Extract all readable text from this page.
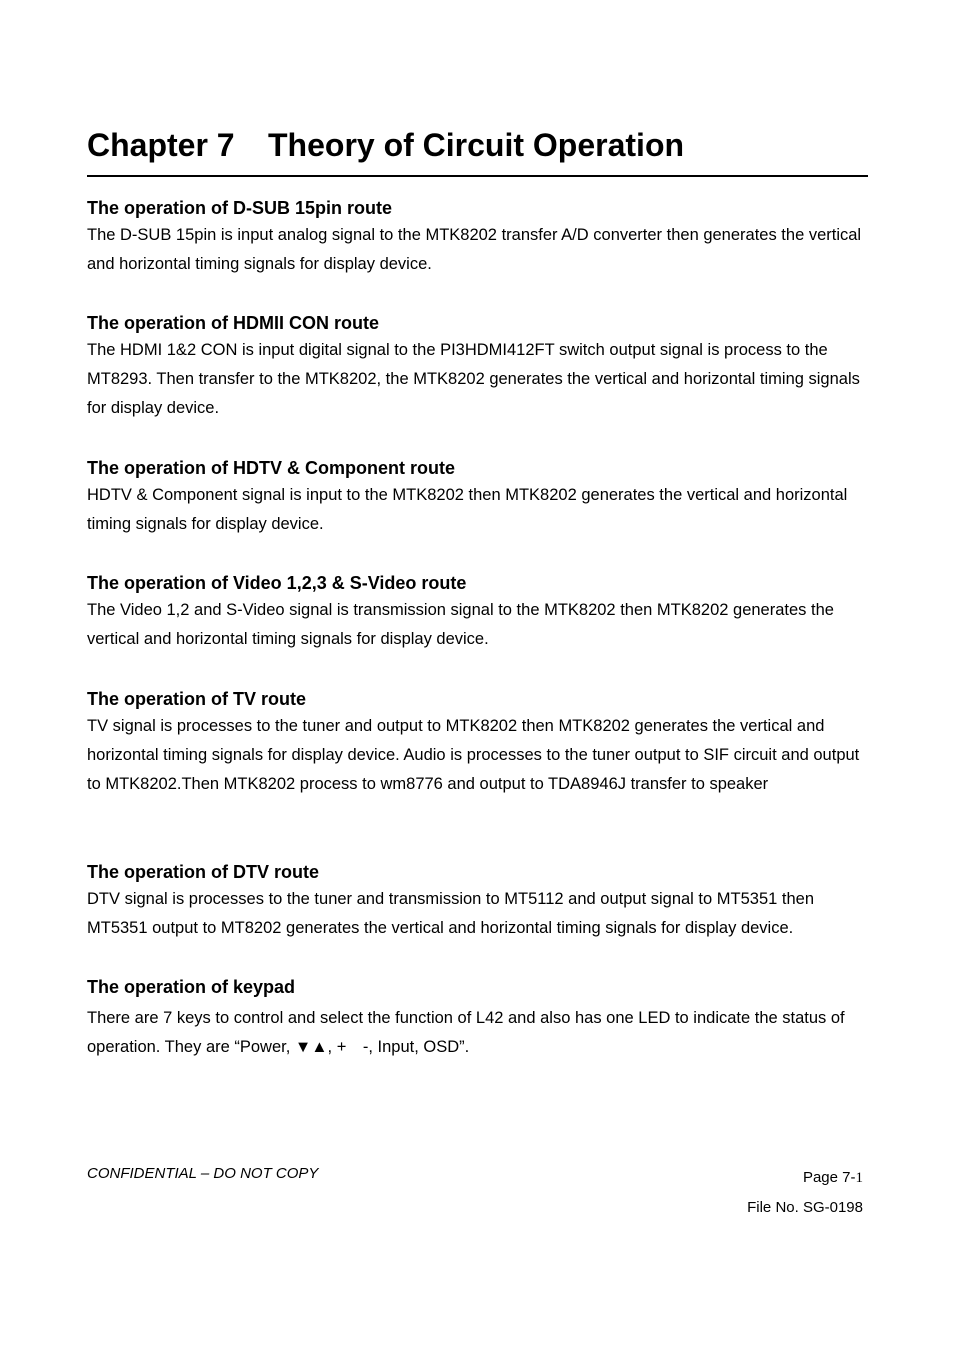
Chapter 7 Theory of Circuit Operation
The operation of D-SUB 15pin route

The D-SUB 15pin is input analog signal to the MTK8202 transfer A/D converter then generates the vertical and horizontal timing signals for display device.

The operation of HDMII CON route

The HDMI 1&2 CON is input digital signal to the PI3HDMI412FT switch output signal is process to the MT8293. Then transfer to the MTK8202, the MTK8202 generates the vertical and horizontal timing signals for display device.

The operation of HDTV & Component route

HDTV & Component signal is input to the MTK8202 then MTK8202 generates the vertical and horizontal timing signals for display device.

The operation of Video 1,2,3 & S-Video route

The Video 1,2 and S-Video signal is transmission signal to the MTK8202 then MTK8202 generates the vertical and horizontal timing signals for display device.

The operation of TV route

TV signal is processes to the tuner and output to MTK8202 then MTK8202 generates the vertical and horizontal timing signals for display device. Audio is processes to the tuner output to SIF circuit and output to MTK8202.Then MTK8202 process to wm8776 and output to TDA8946J transfer to speaker

The operation of DTV route

DTV signal is processes to the tuner and transmission to MT5112 and output signal to MT5351 then MT5351 output to MT8202 generates the vertical and horizontal timing signals for display device.

The operation of keypad

There are 7 keys to control and select the function of L42 and also has one LED to indicate the status of operation. They are “Power, ▼▲, +　-, Input, OSD”.

CONFIDENTIAL – DO NOT COPY	Page 7-1
File No. SG-0198
